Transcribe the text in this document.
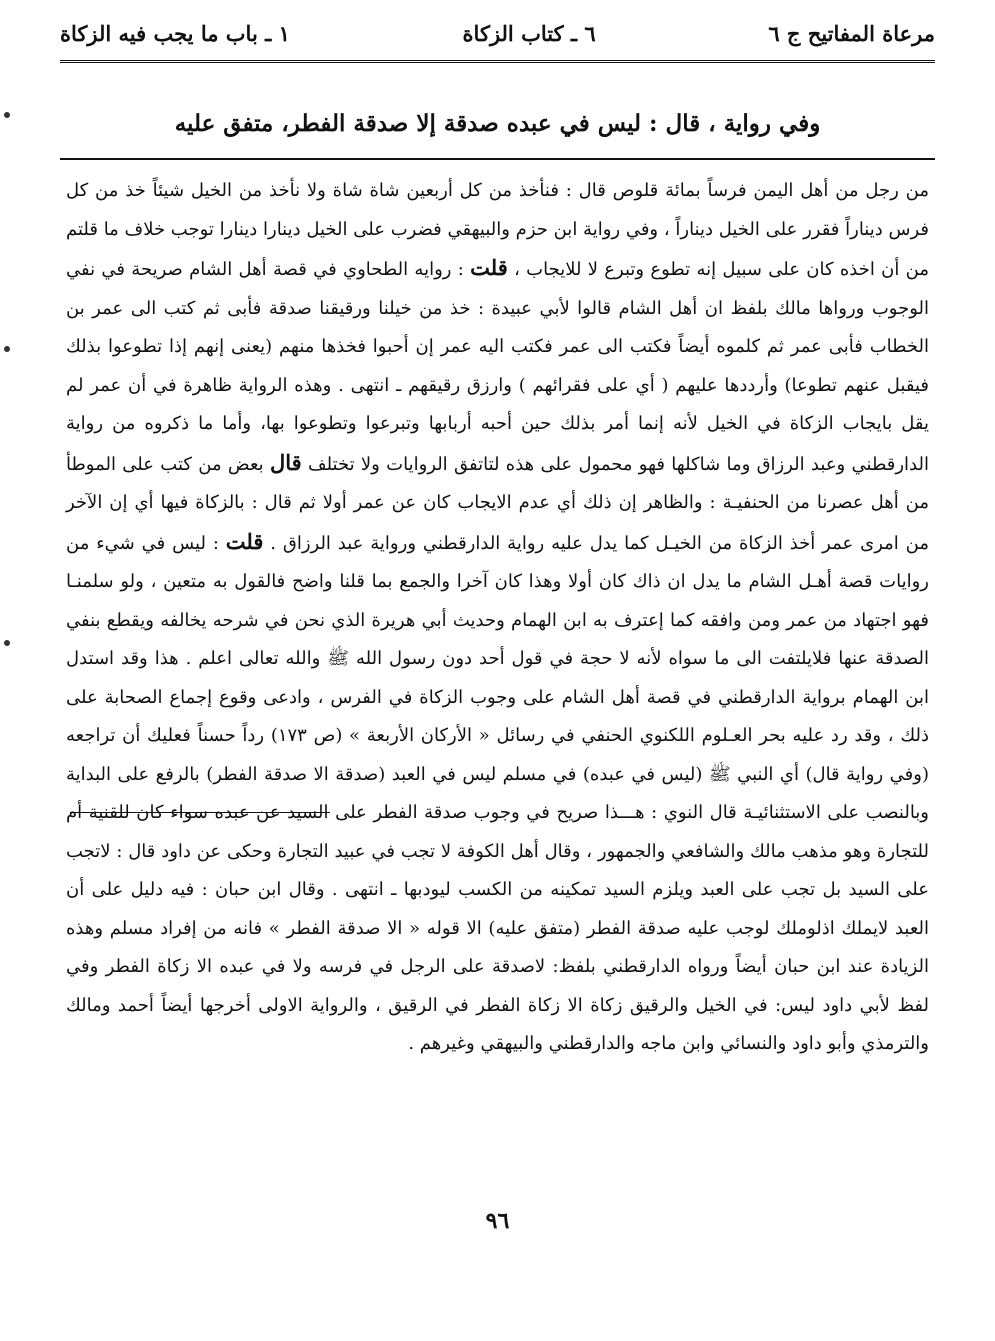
مرعاة المفاتيح ج ٦
٦ ـ كتاب الزكاة
١ ـ باب ما يجب فيه الزكاة
وفي رواية ، قال : ليس في عبده صدقة إلا صدقة الفطر، متفق عليه

من رجل من أهل اليمن فرساً بمائة قلوص قال : فنأخذ من كل أربعين شاة شاة ولا نأخذ من الخيل شيئاً خذ من كل فرس ديناراً فقرر على الخيل ديناراً ، وفي رواية ابن حزم والبيهقي فضرب على الخيل دينارا دينارا توجب خلاف ما قلتم من أن اخذه كان على سبيل إنه تطوع وتبرع لا للايجاب ، قلت : روايه الطحاوي في قصة أهل الشام صريحة في نفي الوجوب ورواها مالك بلفظ ان أهل الشام قالوا لأبي عبيدة : خذ من خيلنا ورقيقنا صدقة فأبى ثم كتب الى عمر بن الخطاب فأبى عمر ثم كلموه أيضاً فكتب الى عمر فكتب اليه عمر إن أحبوا فخذها منهم (يعنى إنهم إذا تطوعوا بذلك فيقبل عنهم تطوعا) وأرددها عليهم ( أي على فقرائهم ) وارزق رقيقهم ـ انتهى . وهذه الرواية ظاهرة في أن عمر لم يقل بايجاب الزكاة في الخيل لأنه إنما أمر بذلك حين أحبه أربابها وتبرعوا وتطوعوا بها، وأما ما ذكروه من رواية الدارقطني وعبد الرزاق وما شاكلها فهو محمول على هذه لتاتفق الروايات ولا تختلف قال بعض من كتب على الموطأ من أهل عصرنا من الحنفيـة : والظاهر إن ذلك أي عدم الايجاب كان عن عمر أولا ثم قال : بالزكاة فيها أي إن الآخر من امرى عمر أخذ الزكاة من الخيـل كما يدل عليه رواية الدارقطني ورواية عبد الرزاق . قلت : ليس في شيء من روايات قصة أهـل الشام ما يدل ان ذاك كان أولا وهذا كان آخرا والجمع بما قلنا واضح فالقول به متعين ، ولو سلمنـا فهو اجتهاد من عمر ومن وافقه كما إعترف به ابن الهمام وحديث أبي هريرة الذي نحن في شرحه يخالفه ويقطع بنفي الصدقة عنها فلايلتفت الى ما سواه لأنه لا حجة في قول أحد دون رسول الله ﷺ والله تعالى اعلم . هذا وقد استدل ابن الهمام برواية الدارقطني في قصة أهل الشام على وجوب الزكاة في الفرس ، وادعى وقوع إجماع الصحابة على ذلك ، وقد رد عليه بحر العـلوم اللكنوي الحنفي في رسائل « الأركان الأربعة » (ص ١٧٣) رداً حسناً فعليك أن تراجعه (وفي رواية قال) أي النبي ﷺ (ليس في عبده) في مسلم ليس في العبد (صدقة الا صدقة الفطر) بالرفع على البداية وبالنصب على الاستثنائيـة قال النوي : هـــذا صريح في وجوب صدقة الفطر على السيد عن عبده سواء كان للقنية أم للتجارة وهو مذهب مالك والشافعي والجمهور ، وقال أهل الكوفة لا تجب في عبيد التجارة وحكى عن داود قال : لاتجب على السيد بل تجب على العبد ويلزم السيد تمكينه من الكسب ليودبها ـ انتهى . وقال ابن حبان : فيه دليل على أن العبد لايملك اذلوملك لوجب عليه صدقة الفطر (متفق عليه) الا قوله « الا صدقة الفطر » فانه من إفراد مسلم وهذه الزيادة عند ابن حبان أيضاً ورواه الدارقطني بلفظ: لاصدقة على الرجل في فرسه ولا في عبده الا زكاة الفطر وفي لفظ لأبي داود ليس: في الخيل والرقيق زكاة الا زكاة الفطر في الرقيق ، والرواية الاولى أخرجها أيضاً أحمد ومالك والترمذي وأبو داود والنسائي وابن ماجه والدارقطني والبيهقي وغيرهم .

٩٦
